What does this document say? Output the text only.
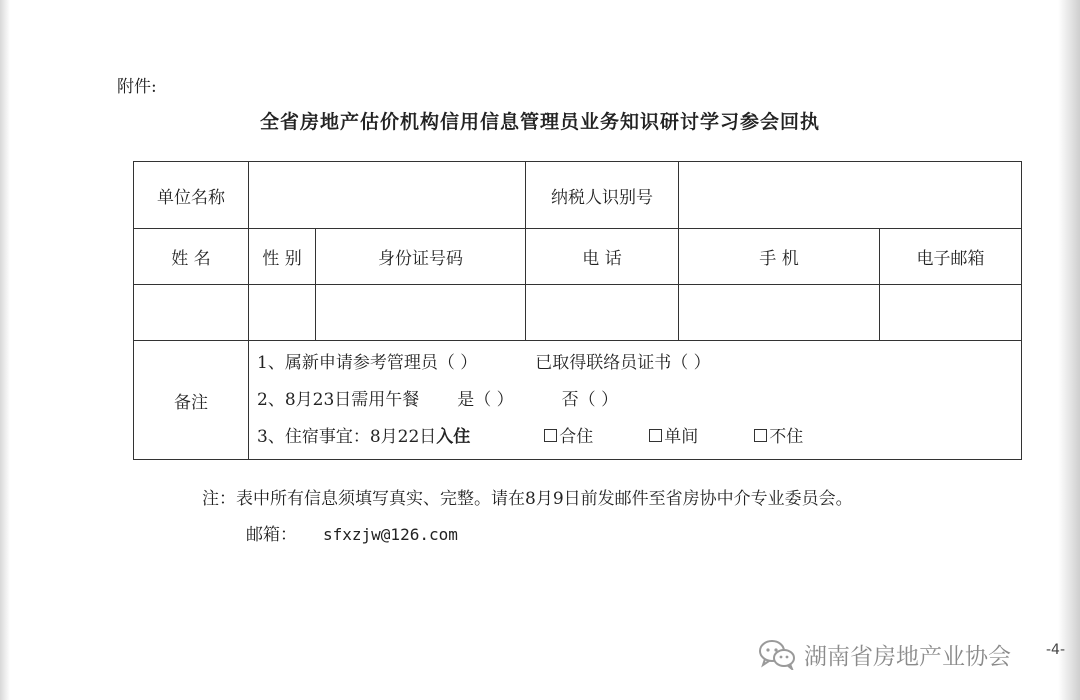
附件:
全省房地产估价机构信用信息管理员业务知识研讨学习参会回执
单位名称			纳税人识别号		
姓 名	性 别	身份证号码	电 话	手 机	电子邮箱

备注	1、属新申请参考管理员（ ） 已取得联络员证书（ ）
2、8月23日需用午餐 是（ ） 否（ ）
3、住宿事宜：8月22日入住 合住 单间 不住				
注：表中所有信息须填写真实、完整。请在8月9日前发邮件至省房协中介专业委员会。
邮箱： sfxzjw@126.com
湖南省房地产业协会	-4-
